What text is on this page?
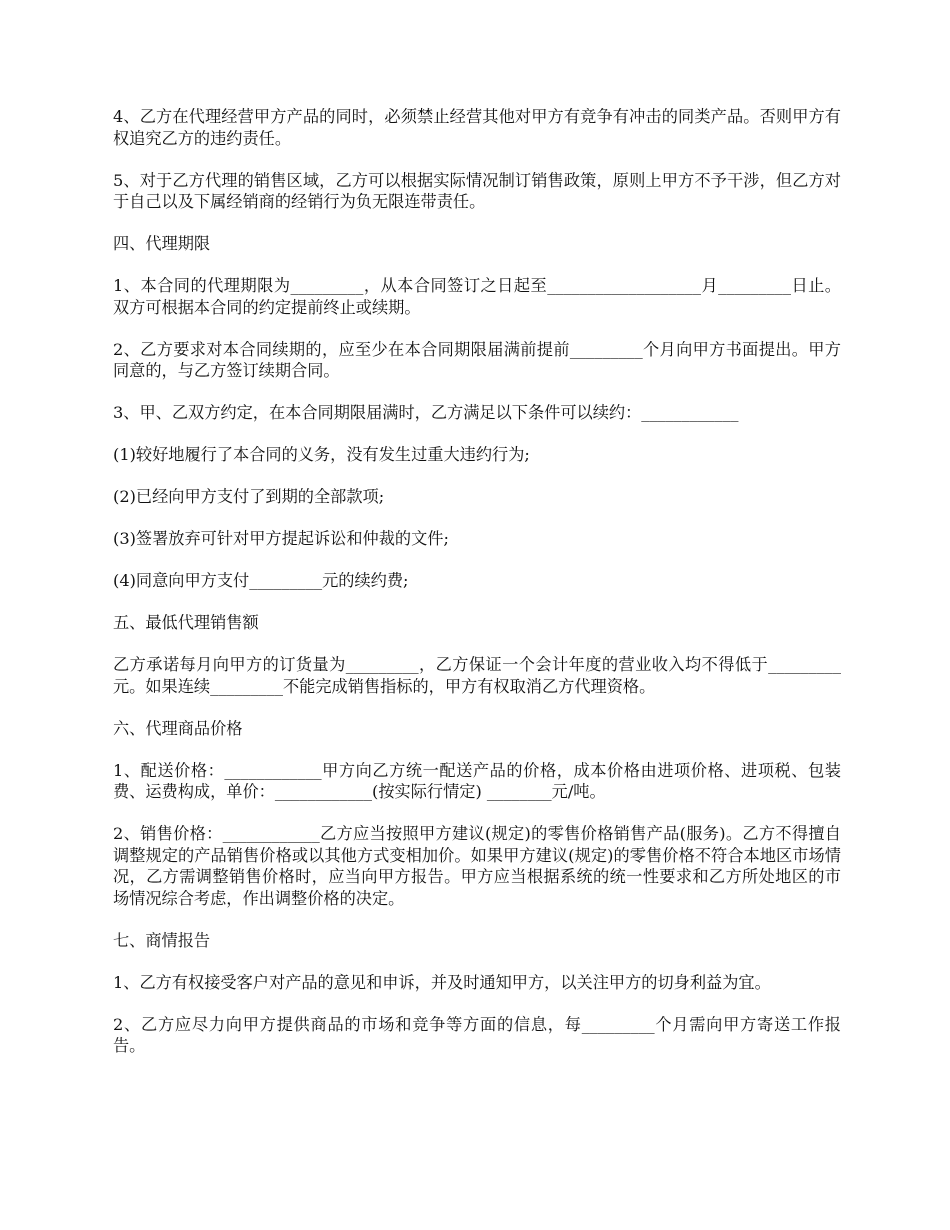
4、乙方在代理经营甲方产品的同时，必须禁止经营其他对甲方有竞争有冲击的同类产品。否则甲方有权追究乙方的违约责任。

5、对于乙方代理的销售区域，乙方可以根据实际情况制订销售政策，原则上甲方不予干涉，但乙方对于自己以及下属经销商的经销行为负无限连带责任。

四、代理期限

1、本合同的代理期限为_________，从本合同签订之日起至___________________月_________日止。双方可根据本合同的约定提前终止或续期。

2、乙方要求对本合同续期的，应至少在本合同期限届满前提前_________个月向甲方书面提出。甲方同意的，与乙方签订续期合同。

3、甲、乙双方约定，在本合同期限届满时，乙方满足以下条件可以续约：____________

(1)较好地履行了本合同的义务，没有发生过重大违约行为;

(2)已经向甲方支付了到期的全部款项;

(3)签署放弃可针对甲方提起诉讼和仲裁的文件;

(4)同意向甲方支付_________元的续约费;

五、最低代理销售额

乙方承诺每月向甲方的订货量为_________，乙方保证一个会计年度的营业收入均不得低于_________元。如果连续_________不能完成销售指标的，甲方有权取消乙方代理资格。

六、代理商品价格

1、配送价格：____________甲方向乙方统一配送产品的价格，成本价格由进项价格、进项税、包装费、运费构成，单价：____________(按实际行情定) ________元/吨。

2、销售价格：____________乙方应当按照甲方建议(规定)的零售价格销售产品(服务)。乙方不得擅自调整规定的产品销售价格或以其他方式变相加价。如果甲方建议(规定)的零售价格不符合本地区市场情况，乙方需调整销售价格时，应当向甲方报告。甲方应当根据系统的统一性要求和乙方所处地区的市场情况综合考虑，作出调整价格的决定。

七、商情报告

1、乙方有权接受客户对产品的意见和申诉，并及时通知甲方，以关注甲方的切身利益为宜。

2、乙方应尽力向甲方提供商品的市场和竞争等方面的信息，每_________个月需向甲方寄送工作报告。
